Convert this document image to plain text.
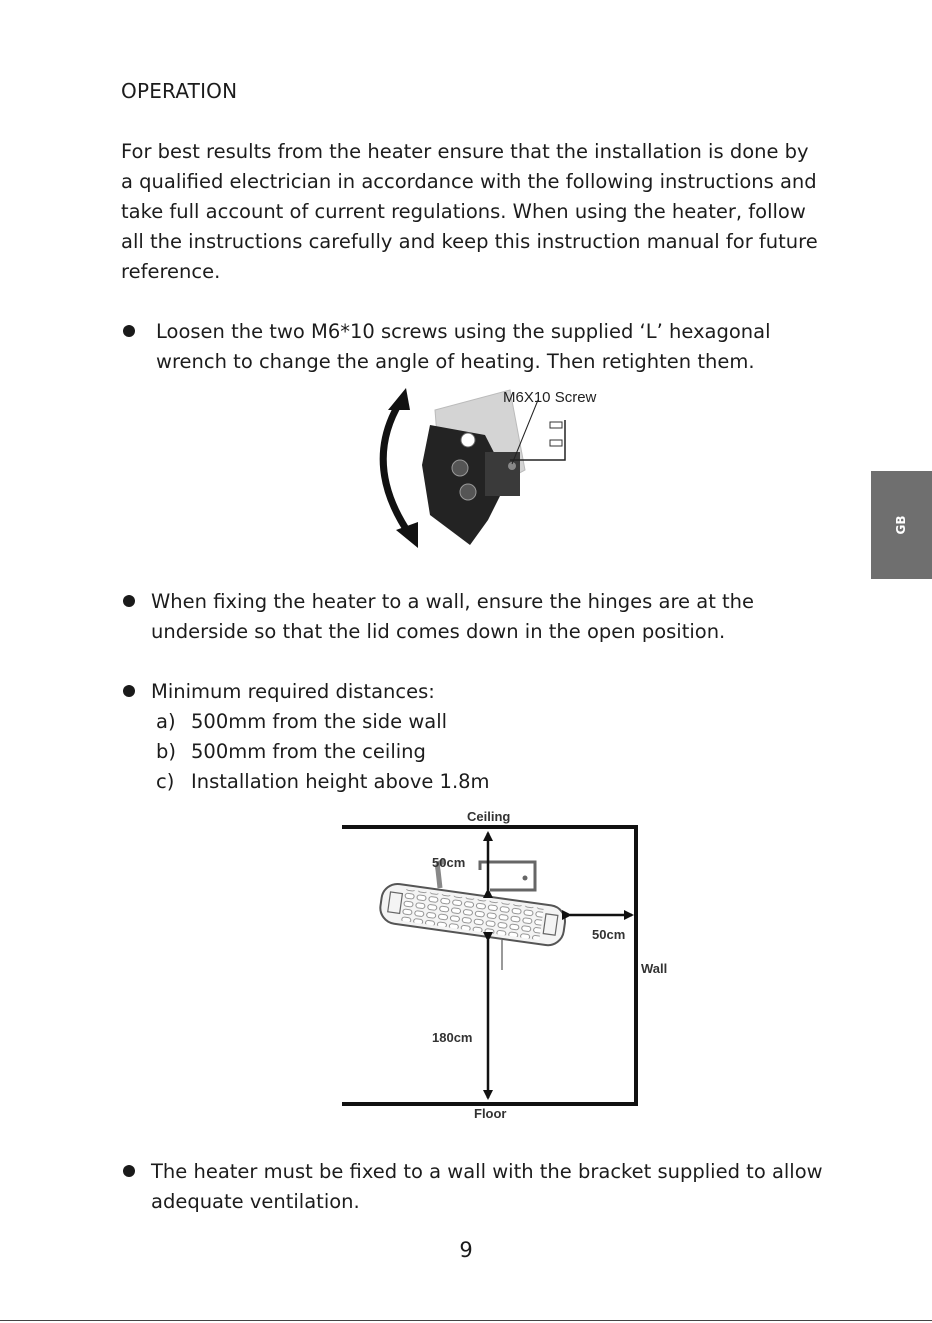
OPERATION
For best results from the heater ensure that the installation is done by a qualified electrician in accordance with the following instructions and take full account of current regulations. When using the heater, follow all the instructions carefully and keep this instruction manual for future reference.
Loosen the two M6*10 screws using the supplied ‘L’ hexagonal
wrench to change the angle of heating. Then retighten them.
M6X10 Screw
When fixing the heater to a wall, ensure the hinges are at the
underside so that the lid comes down in the open position.
Minimum required distances:
a) 500mm from the side wall
b) 500mm from the ceiling
c) Installation height above 1.8m
Ceiling
Wall
Floor
50cm
50cm
180cm
The heater must be fixed to a wall with the bracket supplied to allow
adequate ventilation.
GB
9
